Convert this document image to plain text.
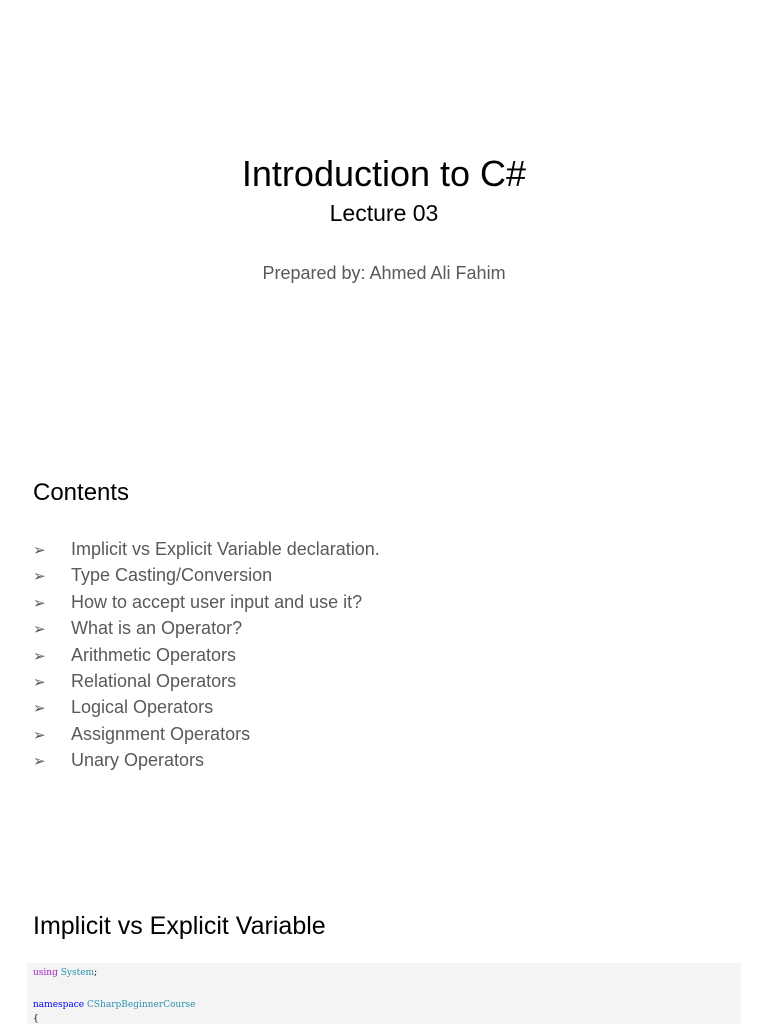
Introduction to C#
Lecture 03
Prepared by: Ahmed Ali Fahim
Contents
➢ Implicit vs Explicit Variable declaration.
➢ Type Casting/Conversion
➢ How to accept user input and use it?
➢ What is an Operator?
➢ Arithmetic Operators
➢ Relational Operators
➢ Logical Operators
➢ Assignment Operators
➢ Unary Operators
Implicit vs Explicit Variable
using System;
namespace CSharpBeginnerCourse
{
